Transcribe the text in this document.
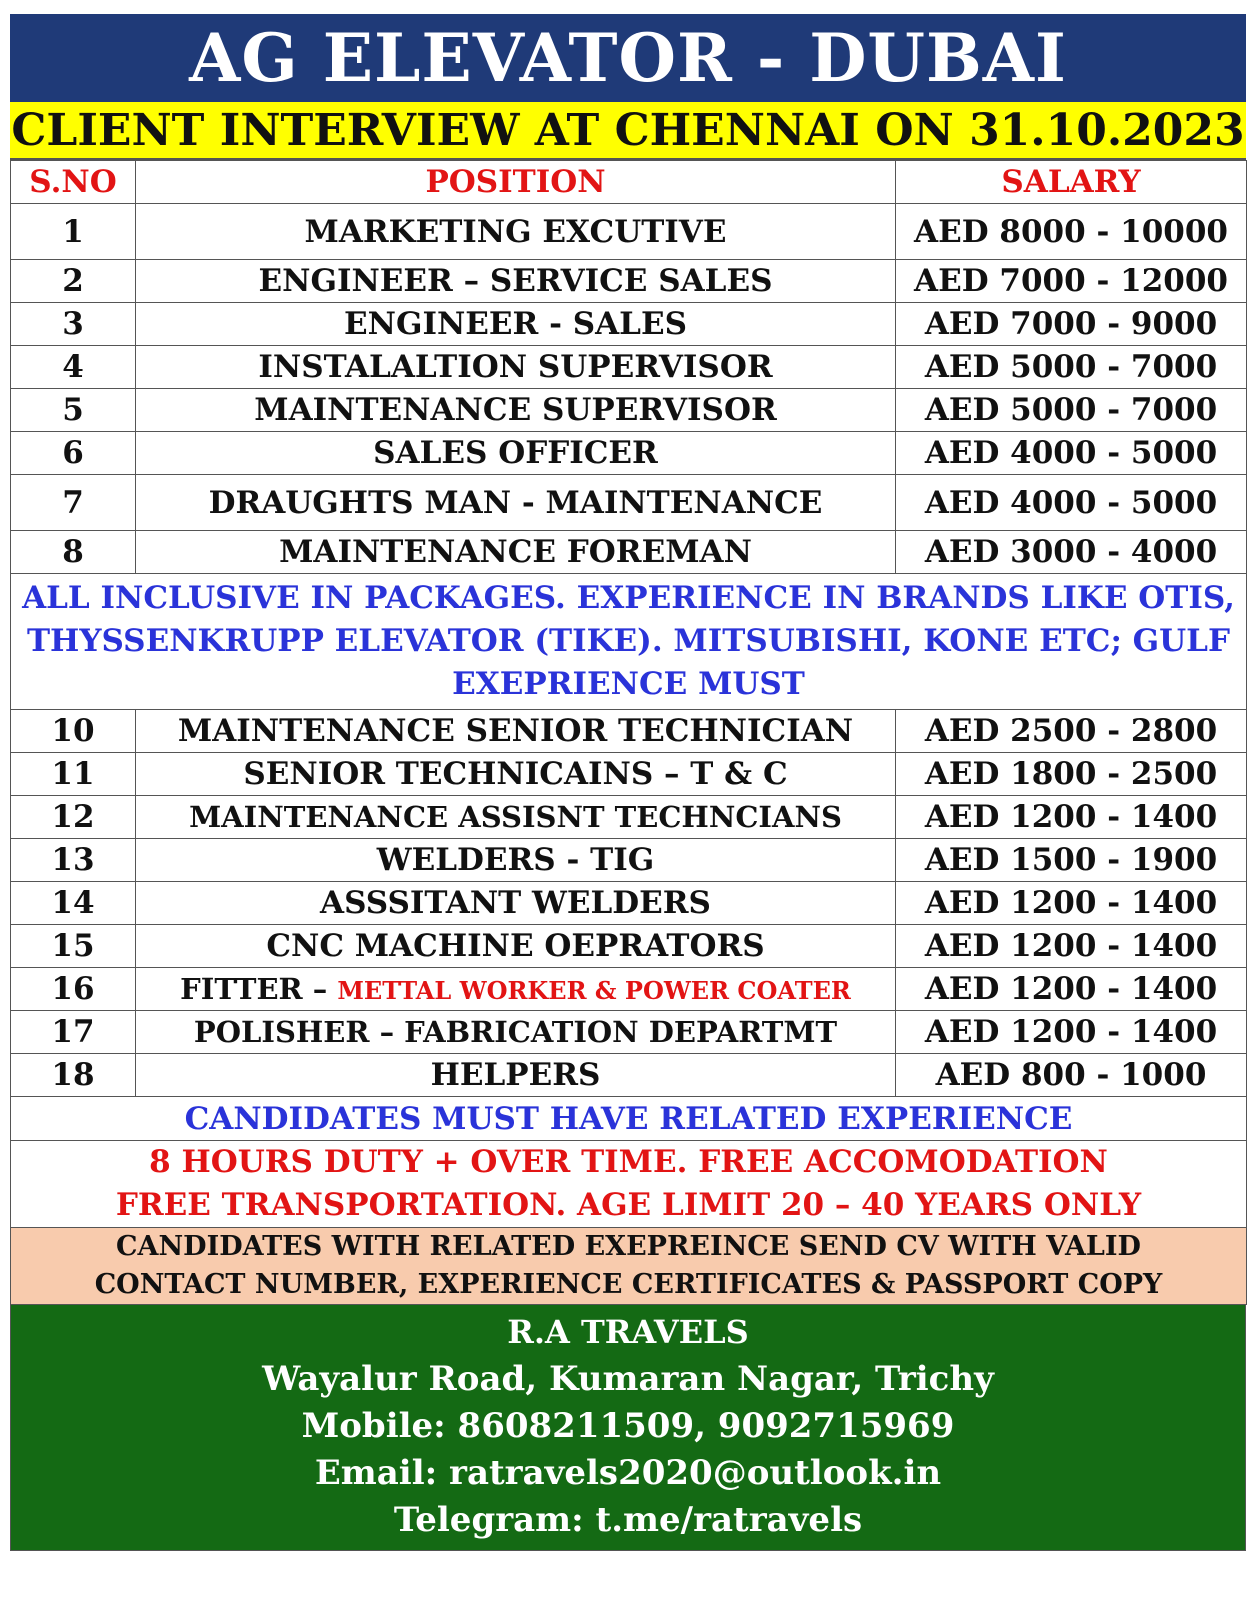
AG ELEVATOR - DUBAI
CLIENT INTERVIEW AT CHENNAI ON 31.10.2023
S.NO	POSITION	SALARY
1	MARKETING EXCUTIVE	AED 8000 - 10000
2	ENGINEER – SERVICE SALES	AED 7000 - 12000
3	ENGINEER - SALES	AED 7000 - 9000
4	INSTALALTION SUPERVISOR	AED 5000 - 7000
5	MAINTENANCE SUPERVISOR	AED 5000 - 7000
6	SALES OFFICER	AED 4000 - 5000
7	DRAUGHTS MAN - MAINTENANCE	AED 4000 - 5000
8	MAINTENANCE FOREMAN	AED 3000 - 4000
ALL INCLUSIVE IN PACKAGES. EXPERIENCE IN BRANDS LIKE OTIS, THYSSENKRUPP ELEVATOR (TIKE). MITSUBISHI, KONE ETC; GULF EXEPRIENCE MUST		
10	MAINTENANCE SENIOR TECHNICIAN	AED 2500 - 2800
11	SENIOR TECHNICAINS – T & C	AED 1800 - 2500
12	MAINTENANCE ASSISNT TECHNCIANS	AED 1200 - 1400
13	WELDERS - TIG	AED 1500 - 1900
14	ASSSITANT WELDERS	AED 1200 - 1400
15	CNC MACHINE OEPRATORS	AED 1200 - 1400
16	FITTER – METTAL WORKER & POWER COATER	AED 1200 - 1400
17	POLISHER – FABRICATION DEPARTMT	AED 1200 - 1400
18	HELPERS	AED 800 - 1000
CANDIDATES MUST HAVE RELATED EXPERIENCE		

8 HOURS DUTY + OVER TIME. FREE ACCOMODATION
FREE TRANSPORTATION. AGE LIMIT 20 – 40 YEARS ONLY		

CANDIDATES WITH RELATED EXEPREINCE SEND CV WITH VALID
CONTACT NUMBER, EXPERIENCE CERTIFICATES & PASSPORT COPY		
R.A TRAVELS
Wayalur Road, Kumaran Nagar, Trichy
Mobile: 8608211509, 9092715969
Email: ratravels2020@outlook.in
Telegram: t.me/ratravels
